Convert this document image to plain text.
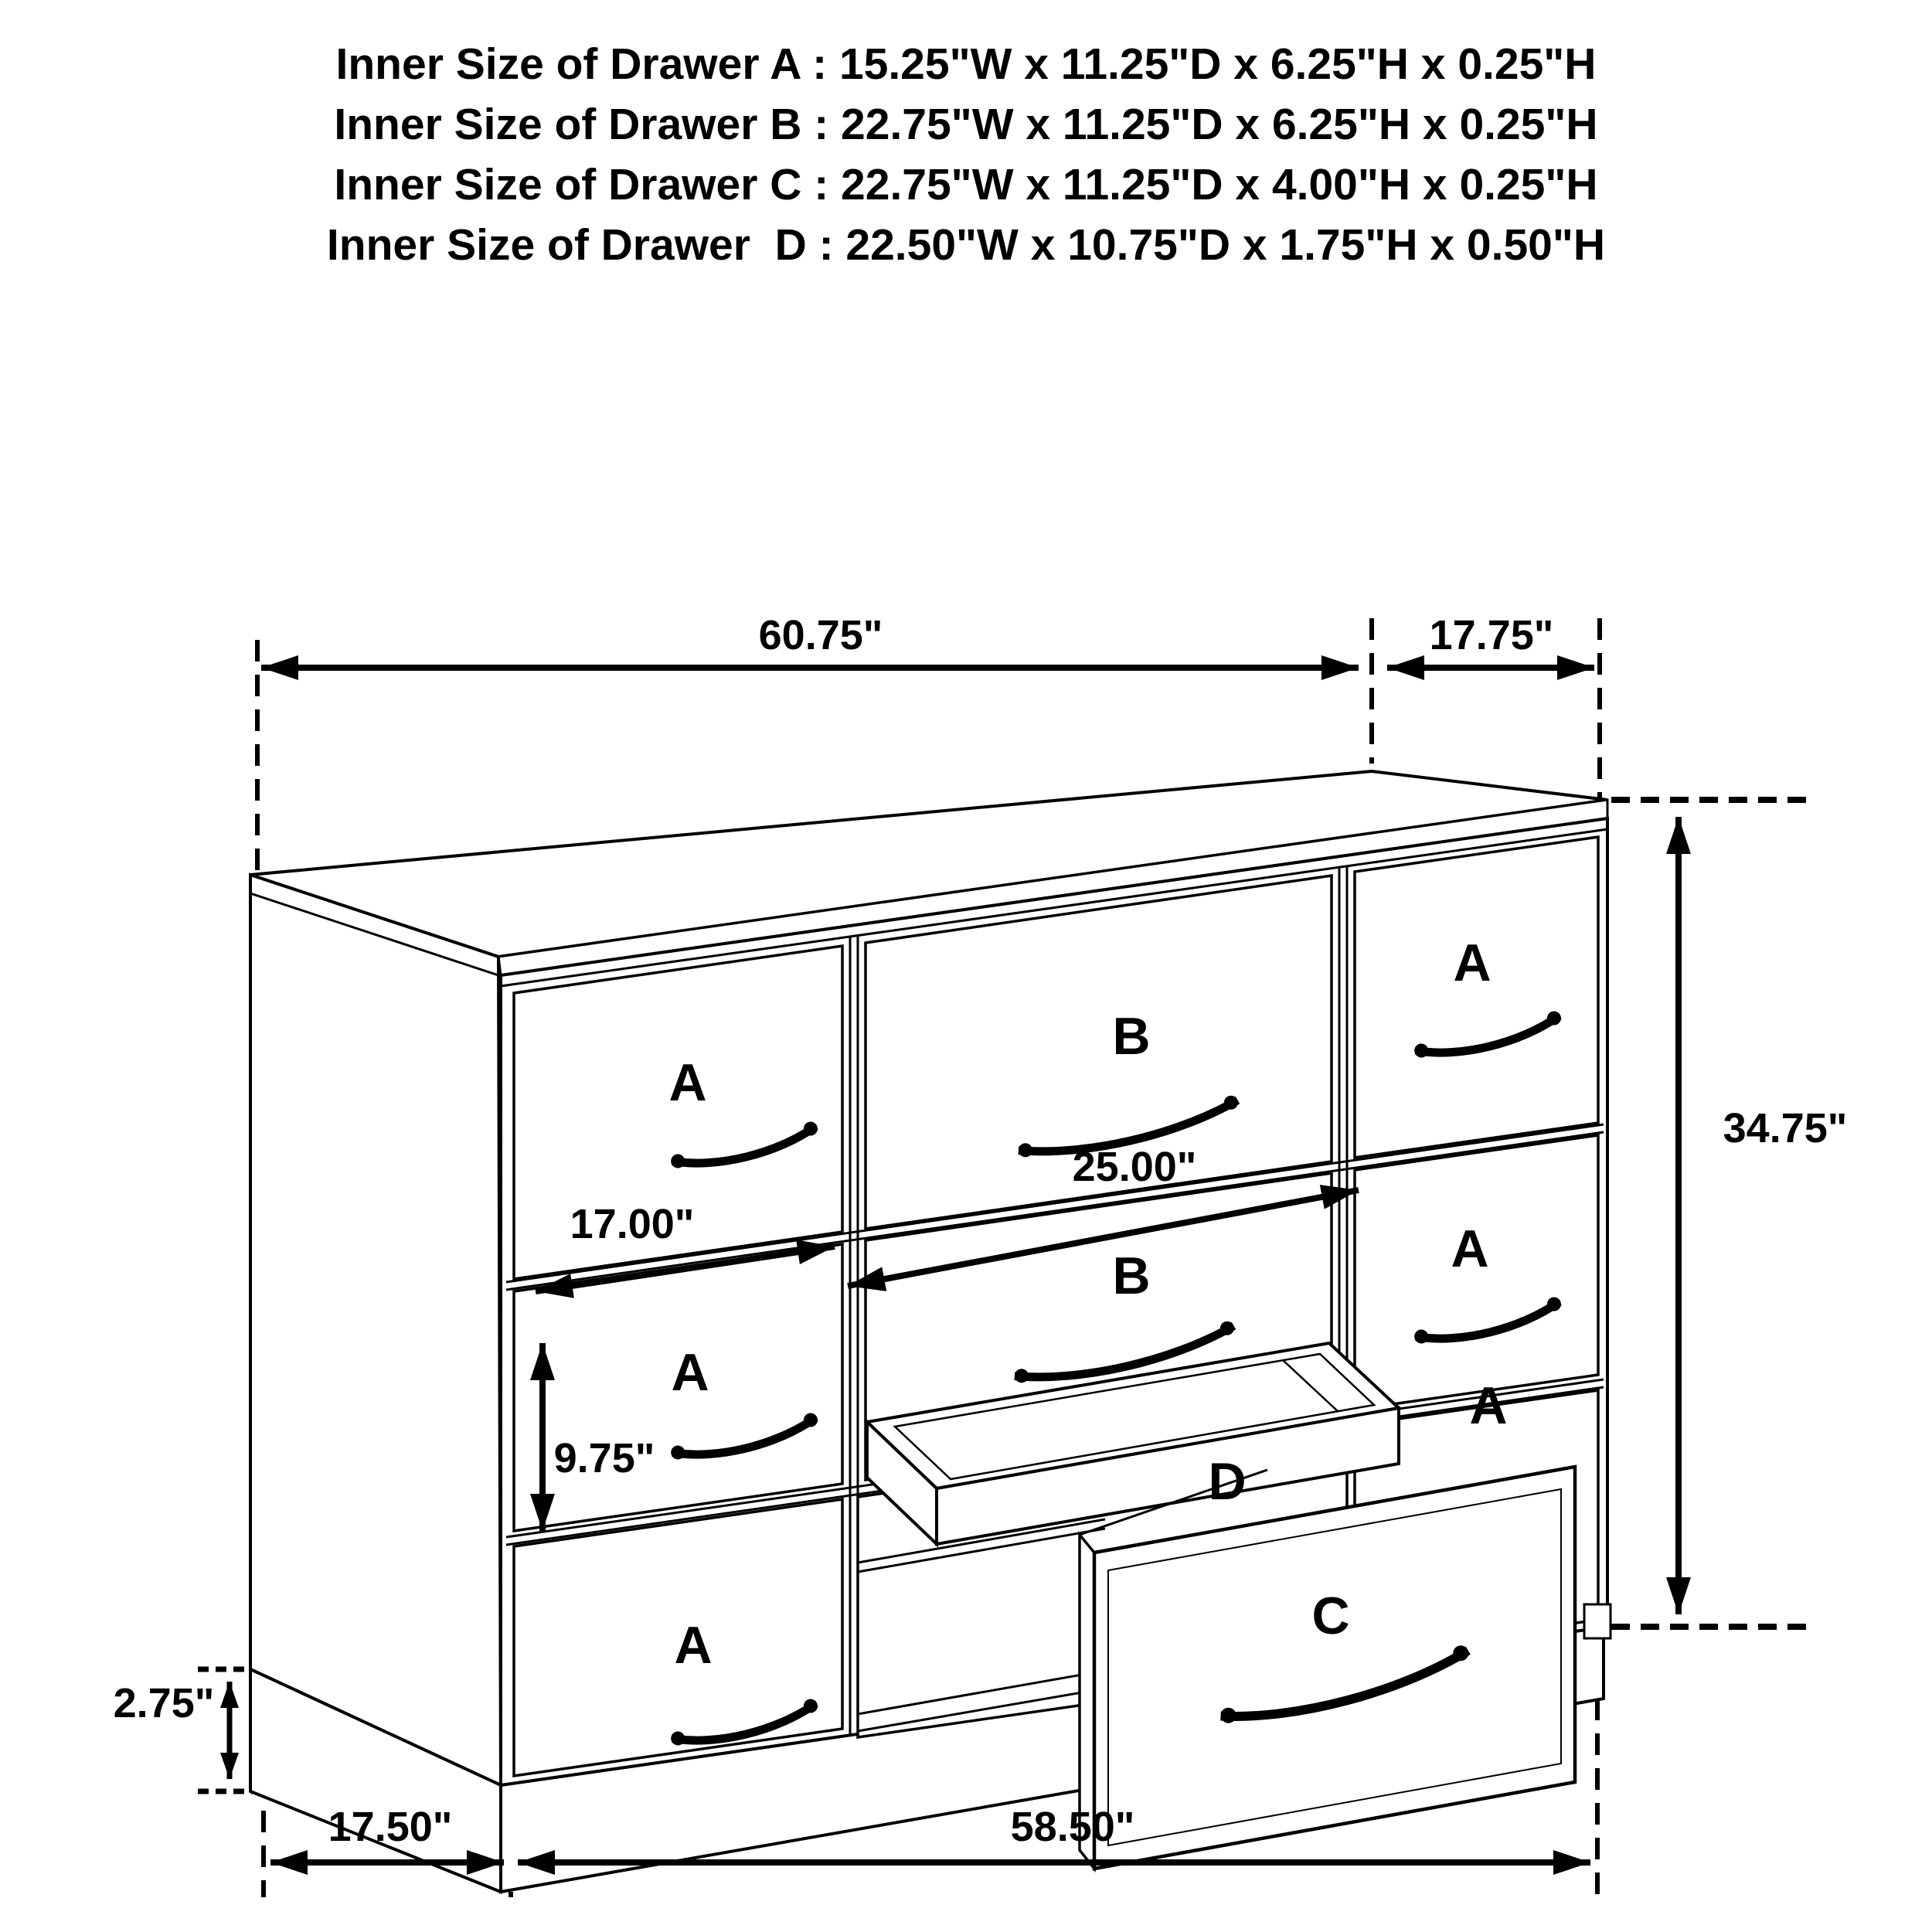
Inner Size of Drawer A : 15.25"W x 11.25"D x 6.25"H x 0.25"H
Inner Size of Drawer B : 22.75"W x 11.25"D x 6.25"H x 0.25"H
Inner Size of Drawer C : 22.75"W x 11.25"D x 4.00"H x 0.25"H
Inner Size of Drawer  D : 22.50"W x 10.75"D x 1.75"H x 0.50"H
A
A
A
B
B
A
A
A
C
D
60.75"	17.75"
34.75"
25.00"
17.00"
9.75"
2.75"
17.50"	58.50"
